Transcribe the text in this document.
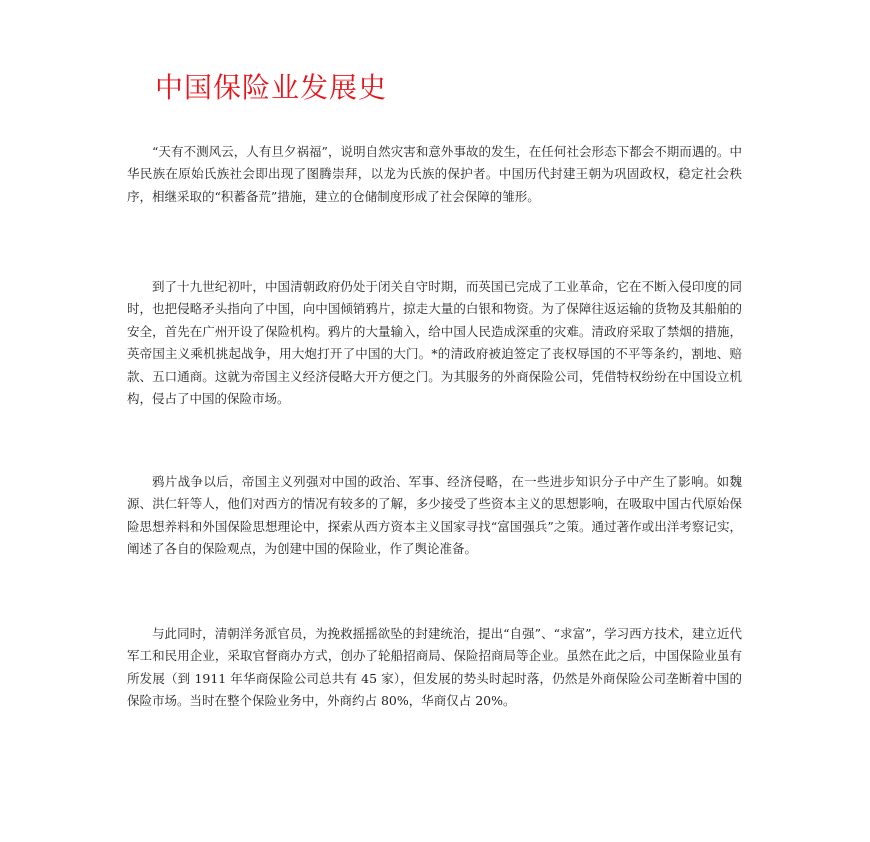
中国保险业发展史

“天有不测风云，人有旦夕祸福”，说明自然灾害和意外事故的发生，在任何社会形态下都会不期而遇的。中华民族在原始氏族社会即出现了图腾崇拜，以龙为氏族的保护者。中国历代封建王朝为巩固政权，稳定社会秩序，相继采取的“积蓄备荒”措施，建立的仓储制度形成了社会保障的雏形。

到了十九世纪初叶，中国清朝政府仍处于闭关自守时期，而英国已完成了工业革命，它在不断入侵印度的同时，也把侵略矛头指向了中国，向中国倾销鸦片，掠走大量的白银和物资。为了保障往返运输的货物及其船舶的安全，首先在广州开设了保险机构。鸦片的大量输入，给中国人民造成深重的灾难。清政府采取了禁烟的措施，英帝国主义乘机挑起战争，用大炮打开了中国的大门。*的清政府被迫签定了丧权辱国的不平等条约，割地、赔款、五口通商。这就为帝国主义经济侵略大开方便之门。为其服务的外商保险公司，凭借特权纷纷在中国设立机构，侵占了中国的保险市场。

鸦片战争以后，帝国主义列强对中国的政治、军事、经济侵略，在一些进步知识分子中产生了影响。如魏源、洪仁轩等人，他们对西方的情况有较多的了解，多少接受了些资本主义的思想影响，在吸取中国古代原始保险思想养料和外国保险思想理论中，探索从西方资本主义国家寻找“富国强兵”之策。通过著作或出洋考察记实，阐述了各自的保险观点，为创建中国的保险业，作了舆论准备。

与此同时，清朝洋务派官员，为挽救摇摇欲坠的封建统治，提出“自强”、“求富”，学习西方技术，建立近代军工和民用企业，采取官督商办方式，创办了轮船招商局、保险招商局等企业。虽然在此之后，中国保险业虽有所发展（到 1911 年华商保险公司总共有 45 家），但发展的势头时起时落，仍然是外商保险公司垄断着中国的保险市场。当时在整个保险业务中，外商约占 80%，华商仅占 20%。
